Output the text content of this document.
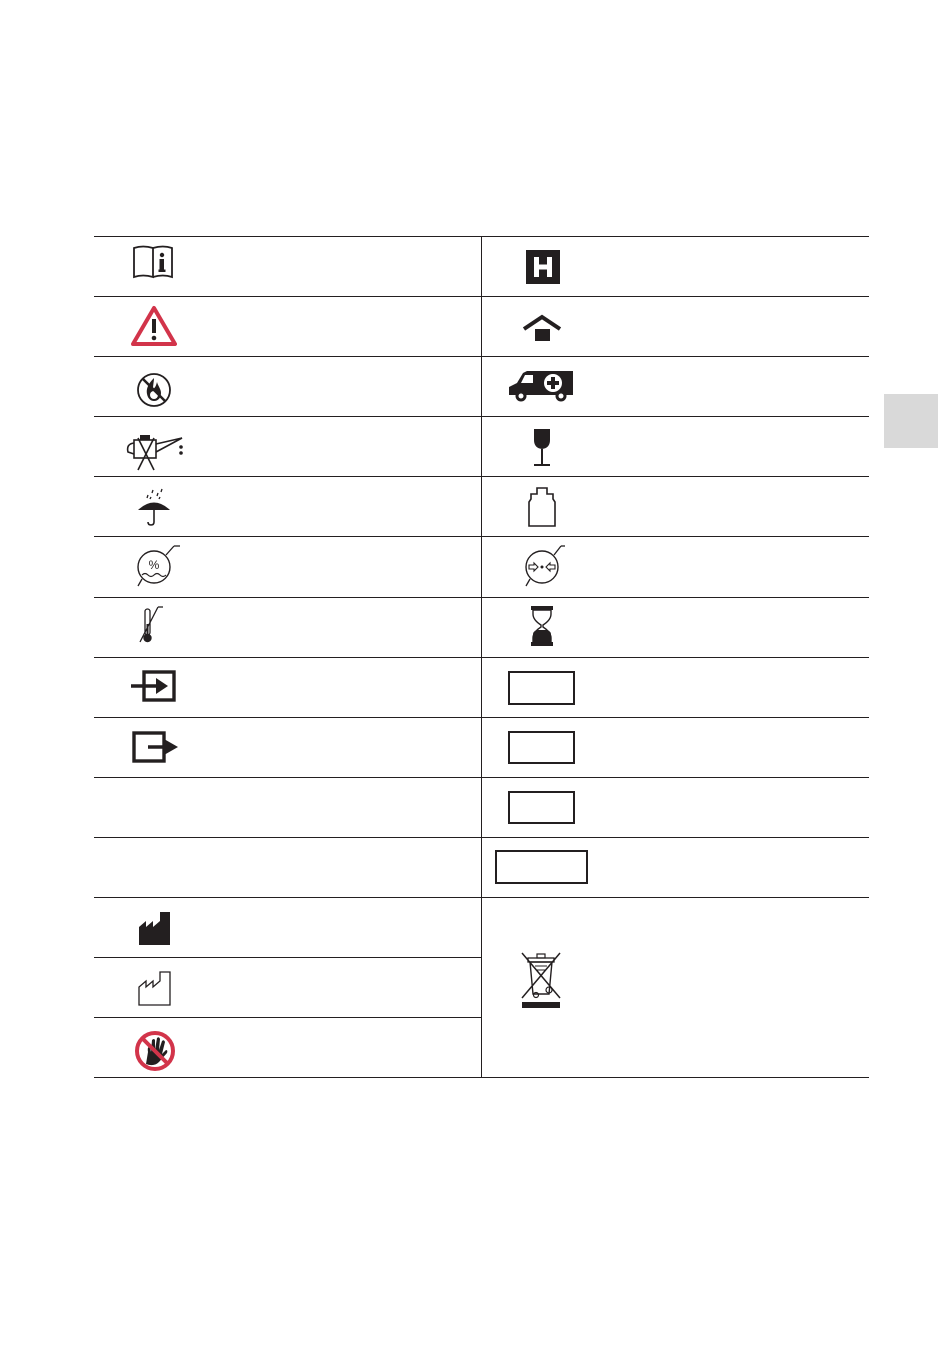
%
